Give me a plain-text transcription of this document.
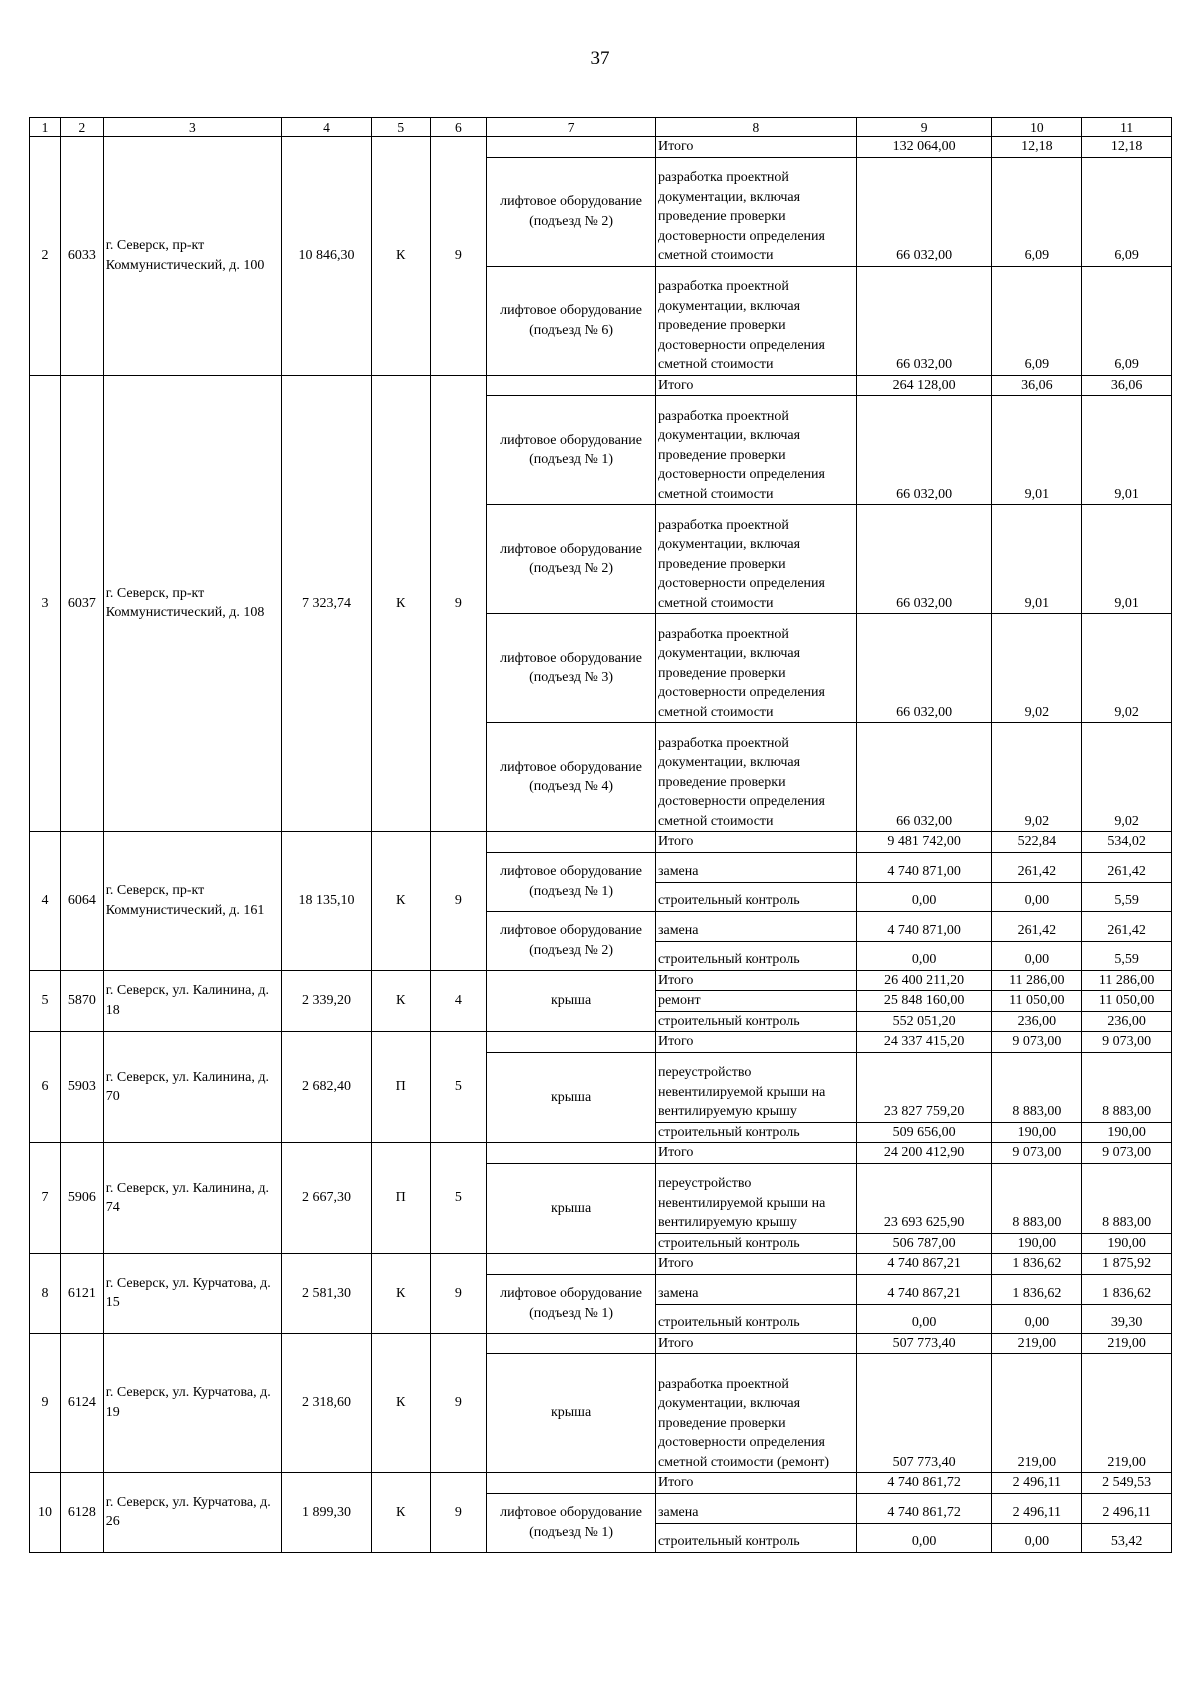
37
1	2	3	4	5	6	7	8	9	10	11
2	6033	г. Северск, пр-кт Коммунистический, д. 100	10 846,30	К	9		Итого	132 064,00	12,18	12,18
						лифтовое оборудование (подъезд № 2)	разработка проектной документации, включая проведение проверки достоверности определения сметной стоимости	66 032,00	6,09	6,09
						лифтовое оборудование (подъезд № 6)	разработка проектной документации, включая проведение проверки достоверности определения сметной стоимости	66 032,00	6,09	6,09
3	6037	г. Северск, пр-кт Коммунистический, д. 108	7 323,74	К	9		Итого	264 128,00	36,06	36,06
						лифтовое оборудование (подъезд № 1)	разработка проектной документации, включая проведение проверки достоверности определения сметной стоимости	66 032,00	9,01	9,01
						лифтовое оборудование (подъезд № 2)	разработка проектной документации, включая проведение проверки достоверности определения сметной стоимости	66 032,00	9,01	9,01
						лифтовое оборудование (подъезд № 3)	разработка проектной документации, включая проведение проверки достоверности определения сметной стоимости	66 032,00	9,02	9,02
						лифтовое оборудование (подъезд № 4)	разработка проектной документации, включая проведение проверки достоверности определения сметной стоимости	66 032,00	9,02	9,02
4	6064	г. Северск, пр-кт Коммунистический, д. 161	18 135,10	К	9		Итого	9 481 742,00	522,84	534,02
						лифтовое оборудование (подъезд № 1)	замена	4 740 871,00	261,42	261,42
							строительный контроль	0,00	0,00	5,59
						лифтовое оборудование (подъезд № 2)	замена	4 740 871,00	261,42	261,42
							строительный контроль	0,00	0,00	5,59
5	5870	г. Северск, ул. Калинина, д. 18	2 339,20	К	4	крыша	Итого	26 400 211,20	11 286,00	11 286,00
							ремонт	25 848 160,00	11 050,00	11 050,00
							строительный контроль	552 051,20	236,00	236,00
6	5903	г. Северск, ул. Калинина, д. 70	2 682,40	П	5		Итого	24 337 415,20	9 073,00	9 073,00
						крыша	переустройство невентилируемой крыши на вентилируемую крышу	23 827 759,20	8 883,00	8 883,00
							строительный контроль	509 656,00	190,00	190,00
7	5906	г. Северск, ул. Калинина, д. 74	2 667,30	П	5		Итого	24 200 412,90	9 073,00	9 073,00
						крыша	переустройство невентилируемой крыши на вентилируемую крышу	23 693 625,90	8 883,00	8 883,00
							строительный контроль	506 787,00	190,00	190,00
8	6121	г. Северск, ул. Курчатова, д. 15	2 581,30	К	9		Итого	4 740 867,21	1 836,62	1 875,92
						лифтовое оборудование (подъезд № 1)	замена	4 740 867,21	1 836,62	1 836,62
							строительный контроль	0,00	0,00	39,30
9	6124	г. Северск, ул. Курчатова, д. 19	2 318,60	К	9		Итого	507 773,40	219,00	219,00
						крыша	разработка проектной документации, включая проведение проверки достоверности определения сметной стоимости (ремонт)	507 773,40	219,00	219,00
10	6128	г. Северск, ул. Курчатова, д. 26	1 899,30	К	9		Итого	4 740 861,72	2 496,11	2 549,53
						лифтовое оборудование (подъезд № 1)	замена	4 740 861,72	2 496,11	2 496,11
							строительный контроль	0,00	0,00	53,42
